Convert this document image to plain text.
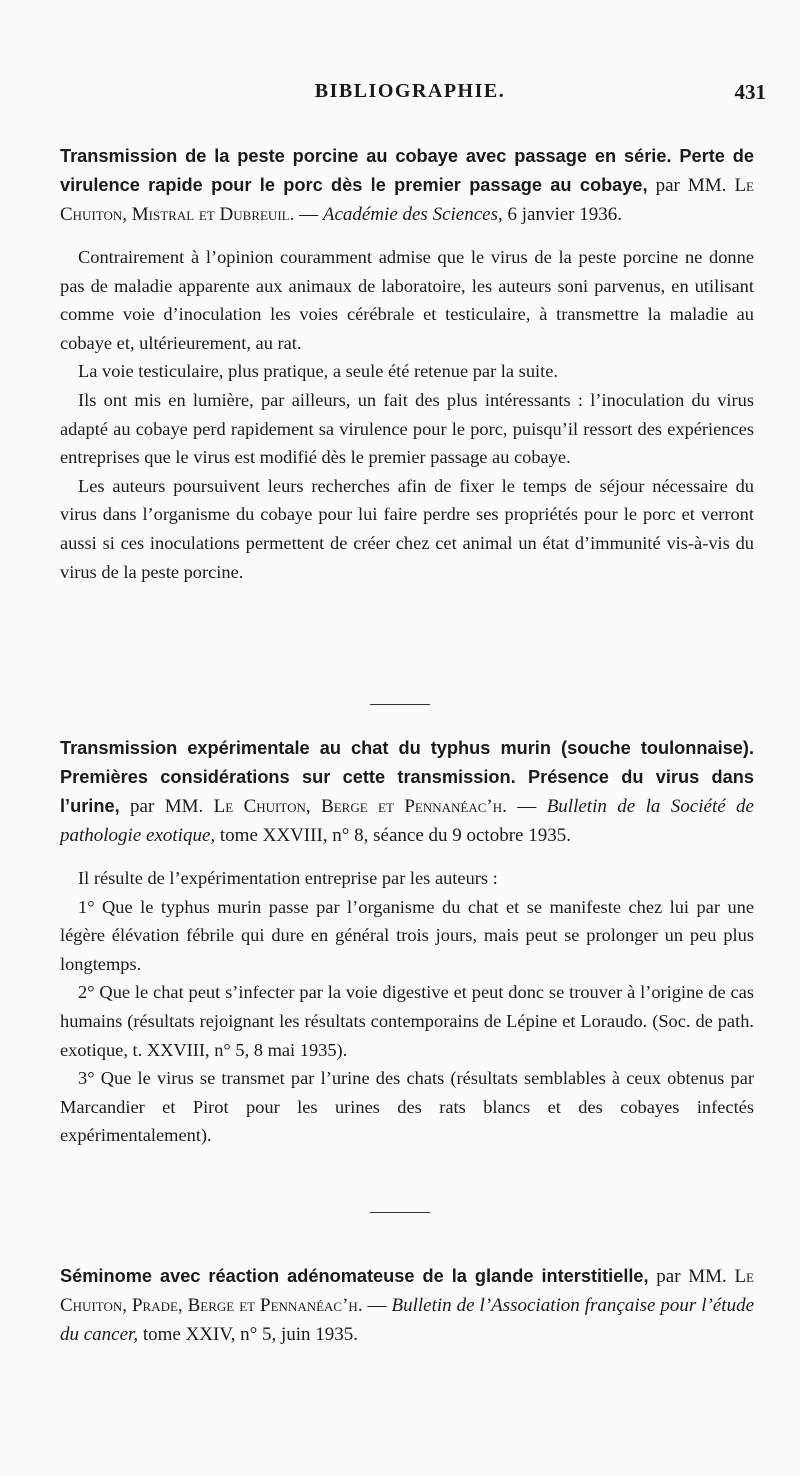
BIBLIOGRAPHIE.	431

Transmission de la peste porcine au cobaye avec passage en série. Perte de virulence rapide pour le porc dès le premier passage au cobaye, par MM. Le Chuiton, Mistral et Dubreuil. — Académie des Sciences, 6 janvier 1936.

Contrairement à l’opinion couramment admise que le virus de la peste porcine ne donne pas de maladie apparente aux animaux de laboratoire, les auteurs soni parvenus, en utilisant comme voie d’inoculation les voies cérébrale et testiculaire, à transmettre la maladie au cobaye et, ultérieurement, au rat.

La voie testiculaire, plus pratique, a seule été retenue par la suite.

Ils ont mis en lumière, par ailleurs, un fait des plus intéressants : l’inoculation du virus adapté au cobaye perd rapidement sa virulence pour le porc, puisqu’il ressort des expériences entreprises que le virus est modifié dès le premier passage au cobaye.

Les auteurs poursuivent leurs recherches afin de fixer le temps de séjour nécessaire du virus dans l’organisme du cobaye pour lui faire perdre ses propriétés pour le porc et verront aussi si ces inoculations permettent de créer chez cet animal un état d’immunité vis-à-vis du virus de la peste porcine.

Transmission expérimentale au chat du typhus murin (souche toulonnaise). Premières considérations sur cette transmission. Présence du virus dans l’urine, par MM. Le Chuiton, Berge et Pennanéac’h. — Bulletin de la Société de pathologie exotique, tome XXVIII, n° 8, séance du 9 octobre 1935.

Il résulte de l’expérimentation entreprise par les auteurs :

1° Que le typhus murin passe par l’organisme du chat et se manifeste chez lui par une légère élévation fébrile qui dure en général trois jours, mais peut se prolonger un peu plus longtemps.

2° Que le chat peut s’infecter par la voie digestive et peut donc se trouver à l’origine de cas humains (résultats rejoignant les résultats contemporains de Lépine et Loraudo. (Soc. de path. exotique, t. XXVIII, n° 5, 8 mai 1935).

3° Que le virus se transmet par l’urine des chats (résultats semblables à ceux obtenus par Marcandier et Pirot pour les urines des rats blancs et des cobayes infectés expérimentalement).

Séminome avec réaction adénomateuse de la glande interstitielle, par MM. Le Chuiton, Prade, Berge et Pennanéac’h. — Bulletin de l’Association française pour l’étude du cancer, tome XXIV, n° 5, juin 1935.
